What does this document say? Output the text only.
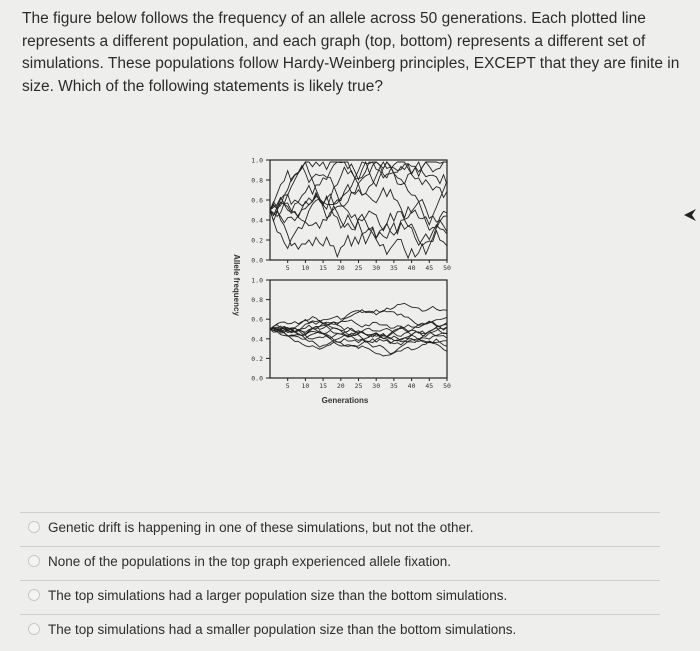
The figure below follows the frequency of an allele across 50 generations. Each plotted line represents a different population, and each graph (top, bottom) represents a different set of simulations. These populations follow Hardy-Weinberg principles, EXCEPT that they are finite in size. Which of the following statements is likely true?
Allele frequency
1.0
0.8
0.6
0.4
0.2
0.0
5 10 15 20 25 30 35 40 45 50
1.0
0.8
0.6
0.4
0.2
0.0
5 10 15 20 25 30 35 40 45 50
Generations
Genetic drift is happening in one of these simulations, but not the other.
None of the populations in the top graph experienced allele fixation.
The top simulations had a larger population size than the bottom simulations.
The top simulations had a smaller population size than the bottom simulations.
